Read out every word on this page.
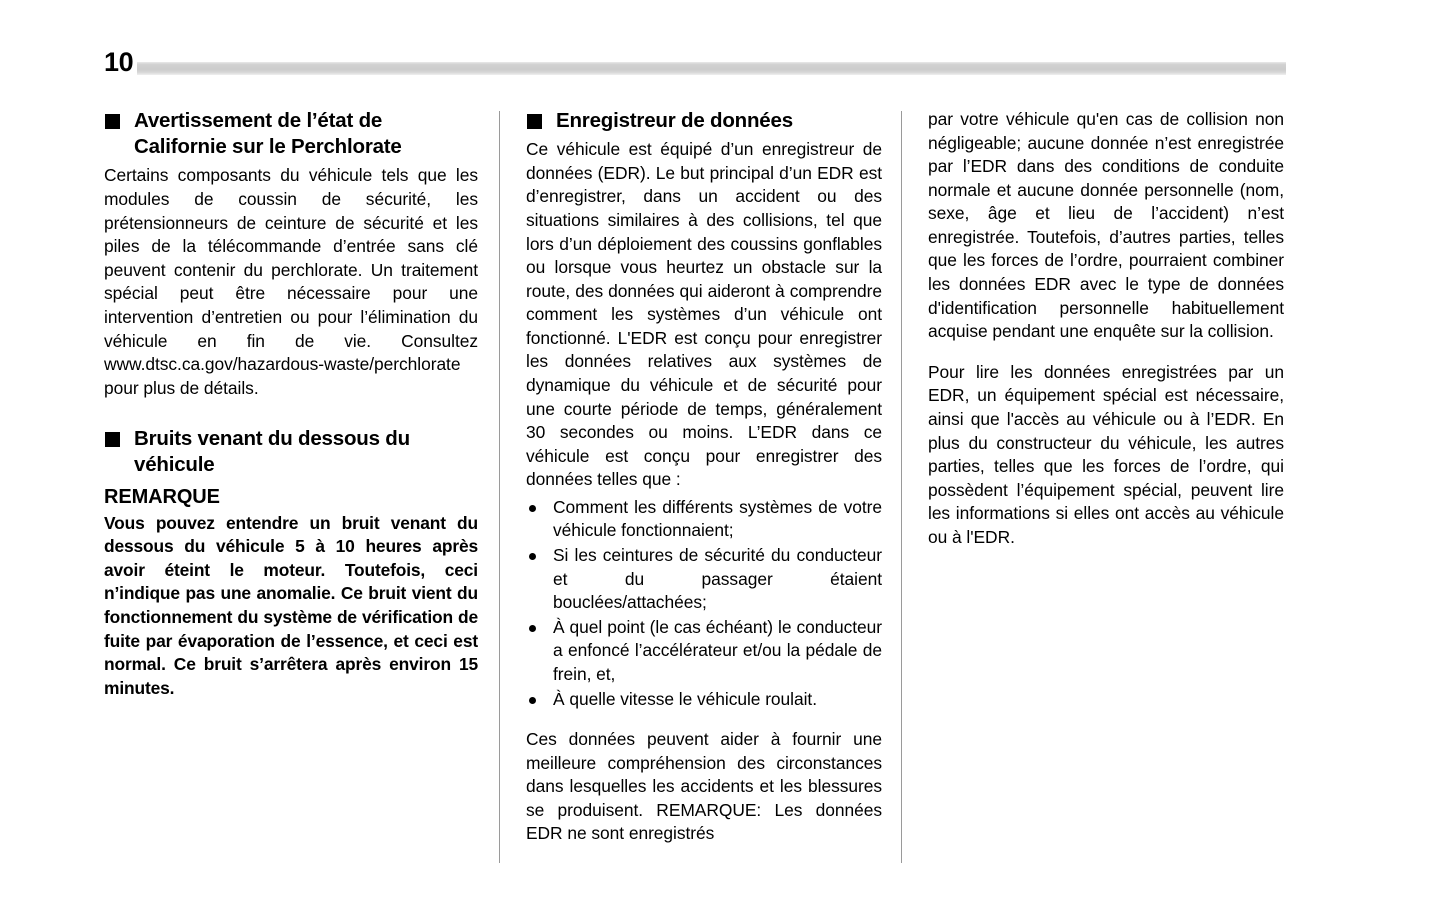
10
Avertissement de l’état de Californie sur le Perchlorate

Certains composants du véhicule tels que les modules de coussin de sécurité, les prétensionneurs de ceinture de sécurité et les piles de la télécommande d’entrée sans clé peuvent contenir du perchlorate. Un traitement spécial peut être nécessaire pour une intervention d’entretien ou pour l’élimination du véhicule en fin de vie. Consultez www.dtsc.ca.gov/hazardous-waste/perchlorate pour plus de détails.

Bruits venant du dessous du véhicule
REMARQUE

Vous pouvez entendre un bruit venant du dessous du véhicule 5 à 10 heures après avoir éteint le moteur. Toutefois, ceci n’indique pas une anomalie. Ce bruit vient du fonctionnement du système de vérification de fuite par évaporation de l’essence, et ceci est normal. Ce bruit s’arrêtera après environ 15 minutes.

Enregistreur de données

Ce véhicule est équipé d’un enregistreur de données (EDR). Le but principal d’un EDR est d’enregistrer, dans un accident ou des situations similaires à des collisions, tel que lors d’un déploiement des coussins gonflables ou lorsque vous heurtez un obstacle sur la route, des données qui aideront à comprendre comment les systèmes d’un véhicule ont fonctionné. L'EDR est conçu pour enregistrer les données relatives aux systèmes de dynamique du véhicule et de sécurité pour une courte période de temps, généralement 30 secondes ou moins. L’EDR dans ce véhicule est conçu pour enregistrer des données telles que :

Comment les différents systèmes de votre véhicule fonctionnaient;
Si les ceintures de sécurité du conducteur et du passager étaient bouclées/attachées;
À quel point (le cas échéant) le conducteur a enfoncé l’accélérateur et/ou la pédale de frein, et,
À quelle vitesse le véhicule roulait.

Ces données peuvent aider à fournir une meilleure compréhension des circonstances dans lesquelles les accidents et les blessures se produisent. REMARQUE: Les données EDR ne sont enregistrés

par votre véhicule qu'en cas de collision non négligeable; aucune donnée n’est enregistrée par l’EDR dans des conditions de conduite normale et aucune donnée personnelle (nom, sexe, âge et lieu de l’accident) n’est enregistrée. Toutefois, d’autres parties, telles que les forces de l’ordre, pourraient combiner les données EDR avec le type de données d'identification personnelle habituellement acquise pendant une enquête sur la collision.

Pour lire les données enregistrées par un EDR, un équipement spécial est nécessaire, ainsi que l'accès au véhicule ou à l’EDR. En plus du constructeur du véhicule, les autres parties, telles que les forces de l’ordre, qui possèdent l’équipement spécial, peuvent lire les informations si elles ont accès au véhicule ou à l'EDR.
